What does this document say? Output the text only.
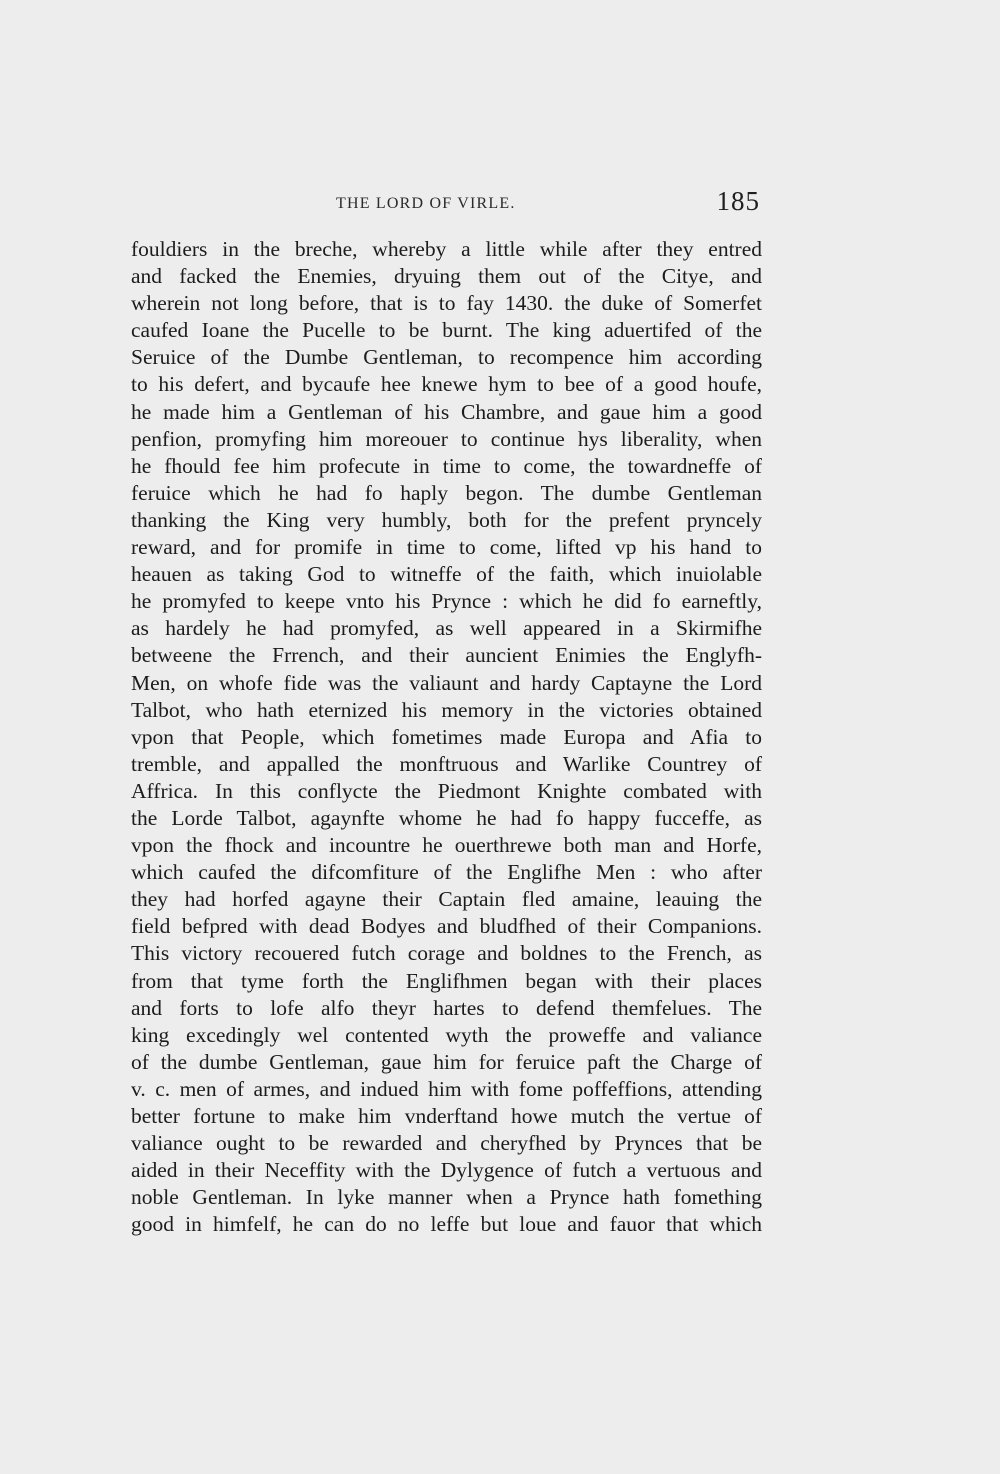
THE LORD OF VIRLE.	185
fouldiers in the breche, whereby a little while after they entred
and facked the Enemies, dryuing them out of the Citye, and
wherein not long before, that is to fay 1430. the duke of Somerfet
caufed Ioane the Pucelle to be burnt. The king aduertifed of the
Seruice of the Dumbe Gentleman, to recompence him according
to his defert, and bycaufe hee knewe hym to bee of a good houfe,
he made him a Gentleman of his Chambre, and gaue him a good
penfion, promyfing him moreouer to continue hys liberality, when
he fhould fee him profecute in time to come, the towardneffe of
feruice which he had fo haply begon. The dumbe Gentleman
thanking the King very humbly, both for the prefent pryncely
reward, and for promife in time to come, lifted vp his hand to
heauen as taking God to witneffe of the faith, which inuiolable
he promyfed to keepe vnto his Prynce : which he did fo earneftly,
as hardely he had promyfed, as well appeared in a Skirmifhe
betweene the Frrench, and their auncient Enimies the Englyfh-
Men, on whofe fide was the valiaunt and hardy Captayne the Lord
Talbot, who hath eternized his memory in the victories obtained
vpon that People, which fometimes made Europa and Afia to
tremble, and appalled the monftruous and Warlike Countrey of
Affrica. In this conflycte the Piedmont Knighte combated with
the Lorde Talbot, agaynfte whome he had fo happy fucceffe, as
vpon the fhock and incountre he ouerthrewe both man and Horfe,
which caufed the difcomfiture of the Englifhe Men : who after
they had horfed agayne their Captain fled amaine, leauing the
field befpred with dead Bodyes and bludfhed of their Companions.
This victory recouered futch corage and boldnes to the French, as
from that tyme forth the Englifhmen began with their places
and forts to lofe alfo theyr hartes to defend themfelues. The
king excedingly wel contented wyth the proweffe and valiance
of the dumbe Gentleman, gaue him for feruice paft the Charge of
v. c. men of armes, and indued him with fome poffeffions, attending
better fortune to make him vnderftand howe mutch the vertue of
valiance ought to be rewarded and cheryfhed by Prynces that be
aided in their Neceffity with the Dylygence of futch a vertuous and
noble Gentleman. In lyke manner when a Prynce hath fomething
good in himfelf, he can do no leffe but loue and fauor that which
